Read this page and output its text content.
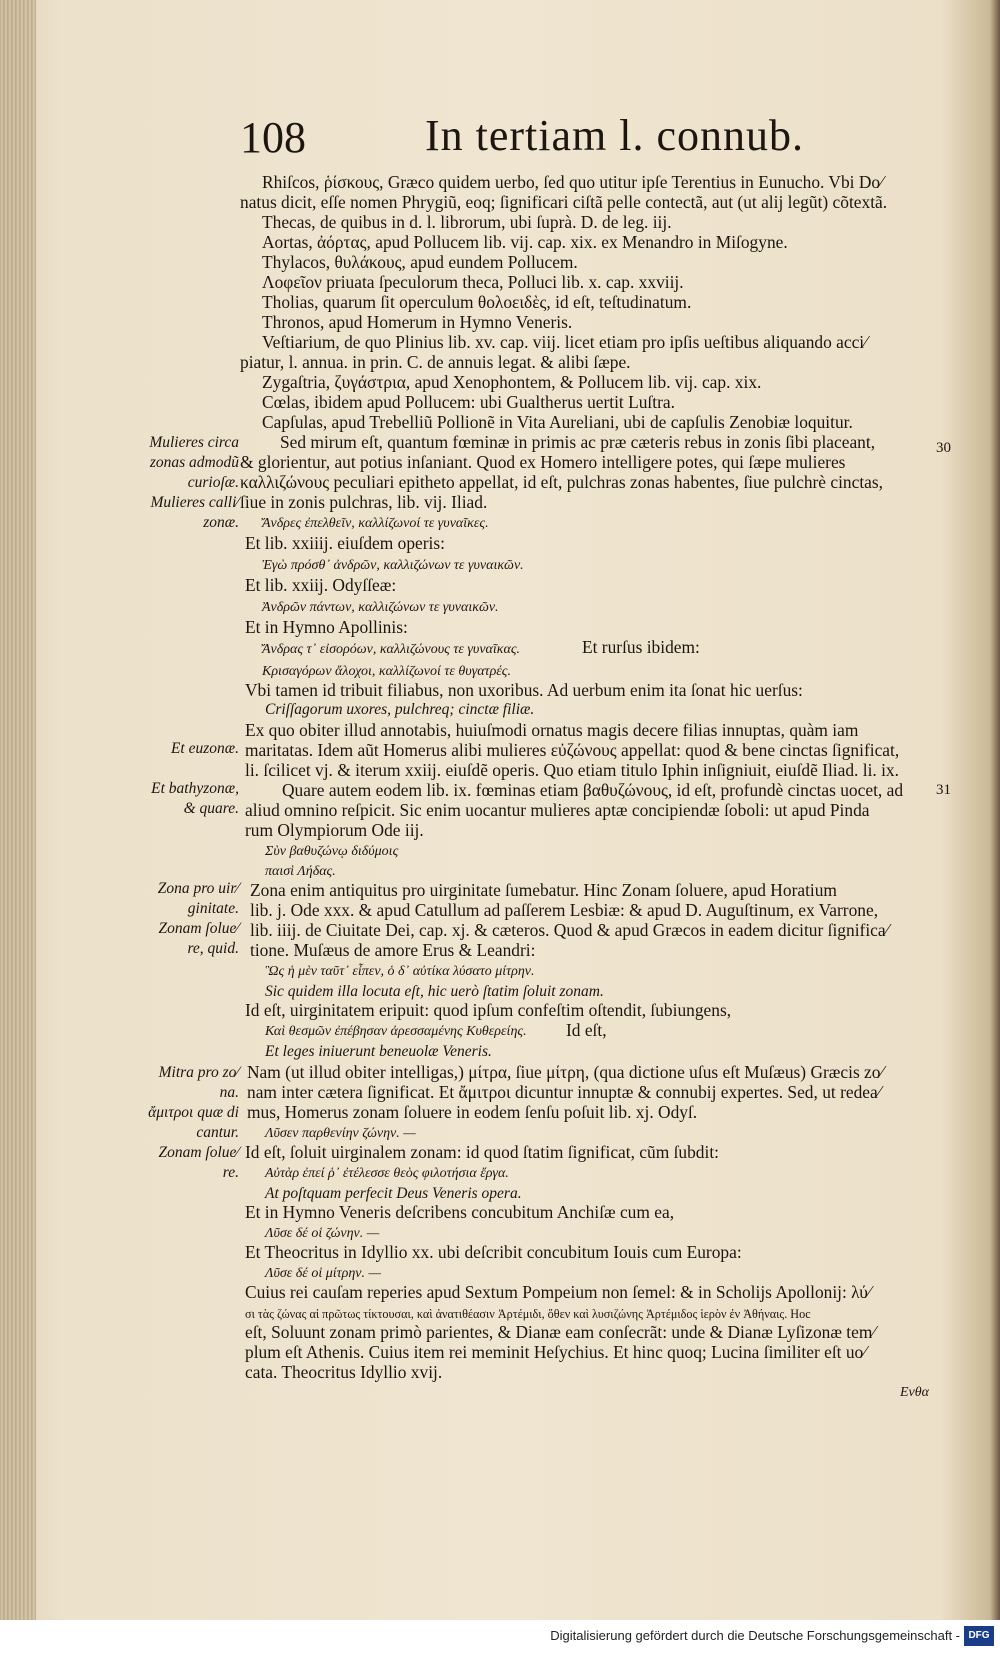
108	In tertiam l. connub.
Rhiſcos, ῥίσκους, Græco quidem uerbo, ſed quo utitur ipſe Terentius in Eunucho. Vbi Do⁄
natus dicit, eſſe nomen Phrygiũ, eoq; ſignificari ciſtã pelle contectã, aut (ut alij legũt) cõtextã.
Thecas, de quibus in d. l. librorum, ubi ſuprà. D. de leg. iij.
Aortas, ἀόρτας, apud Pollucem lib. vij. cap. xix. ex Menandro in Miſogyne.
Thylacos, θυλάκους, apud eundem Pollucem.
Λοφεῖον priuata ſpeculorum theca, Polluci lib. x. cap. xxviij.
Tholias, quarum ſit operculum θολοειδὲς, id eſt, teſtudinatum.
Thronos, apud Homerum in Hymno Veneris.
Veſtiarium, de quo Plinius lib. xv. cap. viij. licet etiam pro ipſis ueſtibus aliquando acci⁄
piatur, l. annua. in prin. C. de annuis legat. & alibi ſæpe.
Zygaſtria, ζυγάστρια, apud Xenophontem, & Pollucem lib. vij. cap. xix.
Cœlas, ibidem apud Pollucem: ubi Gualtherus uertit Luſtra.
Capſulas, apud Trebelliũ Pollionẽ in Vita Aureliani, ubi de capſulis Zenobiæ loquitur.
Sed mirum eſt, quantum fœminæ in primis ac præ cæteris rebus in zonis ſibi placeant,
& glorientur, aut potius inſaniant. Quod ex Homero intelligere potes, qui ſæpe mulieres
καλλιζώνους peculiari epitheto appellat, id eſt, pulchras zonas habentes, ſiue pulchrè cinctas,
ſiue in zonis pulchras, lib. vij. Iliad.
Ἄνδρες ἐπελθεῖν, καλλίζωνοί τε γυναῖκες.
Et lib. xxiiij. eiuſdem operis:
Ἐγὼ πρόσθ᾽ ἀνδρῶν, καλλιζώνων τε γυναικῶν.
Et lib. xxiij. Odyſſeæ:
Ἀνδρῶν πάντων, καλλιζώνων τε γυναικῶν.
Et in Hymno Apollinis:
Ἄνδρας τ᾽ εἰσορόων, καλλιζώνους τε γυναῖκας.	Et rurſus ibidem:
Κρισαγόρων ἄλοχοι, καλλίζωνοί τε θυγατρές.
Vbi tamen id tribuit filiabus, non uxoribus. Ad uerbum enim ita ſonat hic uerſus:
Criſſagorum uxores, pulchreq; cinctæ filiæ.
Ex quo obiter illud annotabis, huiuſmodi ornatus magis decere filias innuptas, quàm iam
maritatas. Idem aũt Homerus alibi mulieres εὐζώνους appellat: quod & bene cinctas ſignificat,
li. ſcilicet vj. & iterum xxiij. eiuſdẽ operis. Quo etiam titulo Iphin inſigniuit, eiuſdẽ Iliad. li. ix.
Quare autem eodem lib. ix. fœminas etiam βαθυζώνους, id eſt, profundè cinctas uocet, ad
aliud omnino reſpicit. Sic enim uocantur mulieres aptæ concipiendæ ſoboli: ut apud Pinda
rum Olympiorum Ode iij.
Σὺν βαθυζώνῳ διδύμοις
παισὶ Λήδας.
Zona enim antiquitus pro uirginitate ſumebatur. Hinc Zonam ſoluere, apud Horatium
lib. j. Ode xxx. & apud Catullum ad paſſerem Lesbiæ: & apud D. Auguſtinum, ex Varrone,
lib. iiij. de Ciuitate Dei, cap. xj. & cæteros. Quod & apud Græcos in eadem dicitur ſignifica⁄
tione. Muſæus de amore Erus & Leandri:
Ὣς ἡ μὲν ταῦτ᾽ εἶπεν, ὁ δ᾽ αὐτίκα λύσατο μίτρην.
Sic quidem illa locuta eſt, hic uerò ſtatim ſoluit zonam.
Id eſt, uirginitatem eripuit: quod ipſum confeſtim oſtendit, ſubiungens,
Καὶ θεσμῶν ἐπέβησαν ἀρεσσαμένης Κυθερείης. Id eſt,
Et leges iniuerunt beneuolæ Veneris.
Nam (ut illud obiter intelligas,) μίτρα, ſiue μίτρη, (qua dictione uſus eſt Muſæus) Græcis zo⁄
nam inter cætera ſignificat. Et ἄμιτροι dicuntur innuptæ & connubij expertes. Sed, ut redea⁄
mus, Homerus zonam ſoluere in eodem ſenſu poſuit lib. xj. Odyſ.
Λῦσεν παρθενίην ζώνην. —
Id eſt, ſoluit uirginalem zonam: id quod ſtatim ſignificat, cũm ſubdit:
Αὐτὰρ ἐπεί ῥ᾽ ἐτέλεσσε θεὸς φιλοτήσια ἔργα.
At poſtquam perfecit Deus Veneris opera.
Et in Hymno Veneris deſcribens concubitum Anchiſæ cum ea,
Λῦσε δέ οἱ ζώνην. —
Et Theocritus in Idyllio xx. ubi deſcribit concubitum Iouis cum Europa:
Λῦσε δέ οἱ μίτρην. —
Cuius rei cauſam reperies apud Sextum Pompeium non ſemel: & in Scholijs Apollonij: λύ⁄
σι τὰς ζώνας αἱ πρῶτως τίκτουσαι, καὶ ἀνατιθέασιν Ἀρτέμιδι, ὅθεν καὶ λυσιζώνης Ἀρτέμιδος ἱερὸν ἐν Ἀθήναις. Hoc
eſt, Soluunt zonam primò parientes, & Dianæ eam conſecrãt: unde & Dianæ Lyſizonæ tem⁄
plum eſt Athenis. Cuius item rei meminit Heſychius. Et hinc quoq; Lucina ſimiliter eſt uo⁄
cata. Theocritus Idyllio xvij.
Mulieres circa
zonas admodũ
curioſæ.
Mulieres calli⁄
zonæ.
Et euzonæ.
Et bathyzonæ,
& quare.
Zona pro uir⁄
ginitate.
Zonam ſolue⁄
re, quid.
Mitra pro zo⁄
na.
ἄμιτροι quæ di
cantur.
Zonam ſolue⁄
re.
30
31
Ενθα
Digitalisierung gefördert durch die Deutsche Forschungsgemeinschaft - DFG
